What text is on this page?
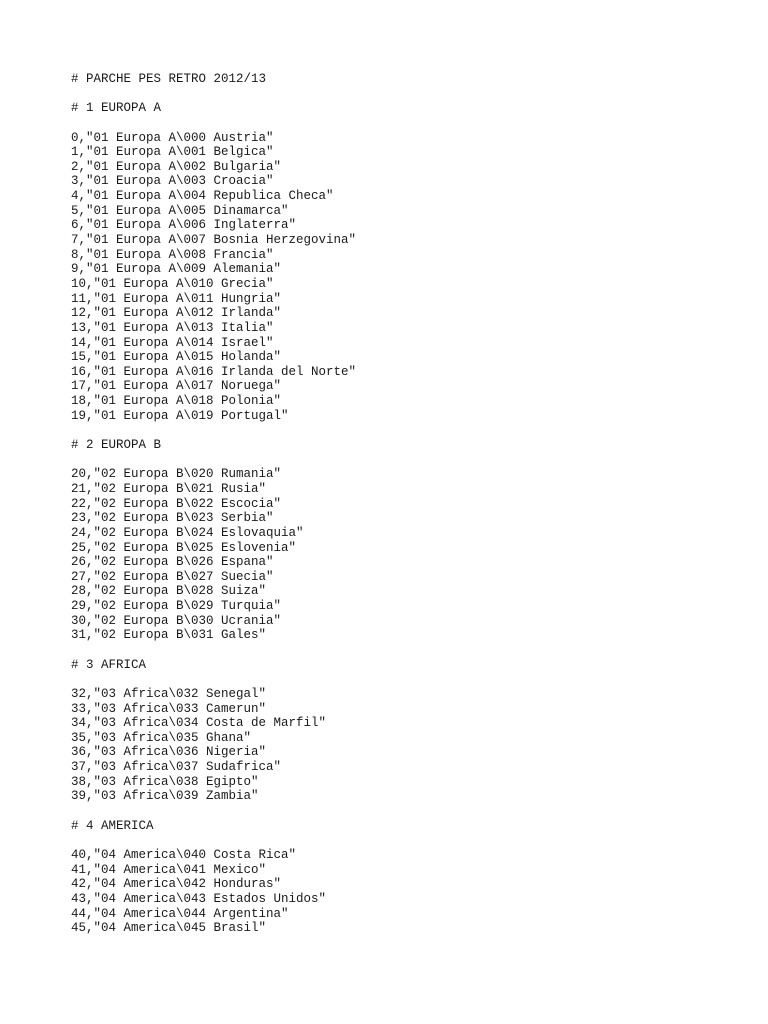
# PARCHE PES RETRO 2012/13
# 1 EUROPA A
0,"01 Europa A\000 Austria"
1,"01 Europa A\001 Belgica"
2,"01 Europa A\002 Bulgaria"
3,"01 Europa A\003 Croacia"
4,"01 Europa A\004 Republica Checa"
5,"01 Europa A\005 Dinamarca"
6,"01 Europa A\006 Inglaterra"
7,"01 Europa A\007 Bosnia Herzegovina"
8,"01 Europa A\008 Francia"
9,"01 Europa A\009 Alemania"
10,"01 Europa A\010 Grecia"
11,"01 Europa A\011 Hungria"
12,"01 Europa A\012 Irlanda"
13,"01 Europa A\013 Italia"
14,"01 Europa A\014 Israel"
15,"01 Europa A\015 Holanda"
16,"01 Europa A\016 Irlanda del Norte"
17,"01 Europa A\017 Noruega"
18,"01 Europa A\018 Polonia"
19,"01 Europa A\019 Portugal"
# 2 EUROPA B
20,"02 Europa B\020 Rumania"
21,"02 Europa B\021 Rusia"
22,"02 Europa B\022 Escocia"
23,"02 Europa B\023 Serbia"
24,"02 Europa B\024 Eslovaquia"
25,"02 Europa B\025 Eslovenia"
26,"02 Europa B\026 Espana"
27,"02 Europa B\027 Suecia"
28,"02 Europa B\028 Suiza"
29,"02 Europa B\029 Turquia"
30,"02 Europa B\030 Ucrania"
31,"02 Europa B\031 Gales"
# 3 AFRICA
32,"03 Africa\032 Senegal"
33,"03 Africa\033 Camerun"
34,"03 Africa\034 Costa de Marfil"
35,"03 Africa\035 Ghana"
36,"03 Africa\036 Nigeria"
37,"03 Africa\037 Sudafrica"
38,"03 Africa\038 Egipto"
39,"03 Africa\039 Zambia"
# 4 AMERICA
40,"04 America\040 Costa Rica"
41,"04 America\041 Mexico"
42,"04 America\042 Honduras"
43,"04 America\043 Estados Unidos"
44,"04 America\044 Argentina"
45,"04 America\045 Brasil"
